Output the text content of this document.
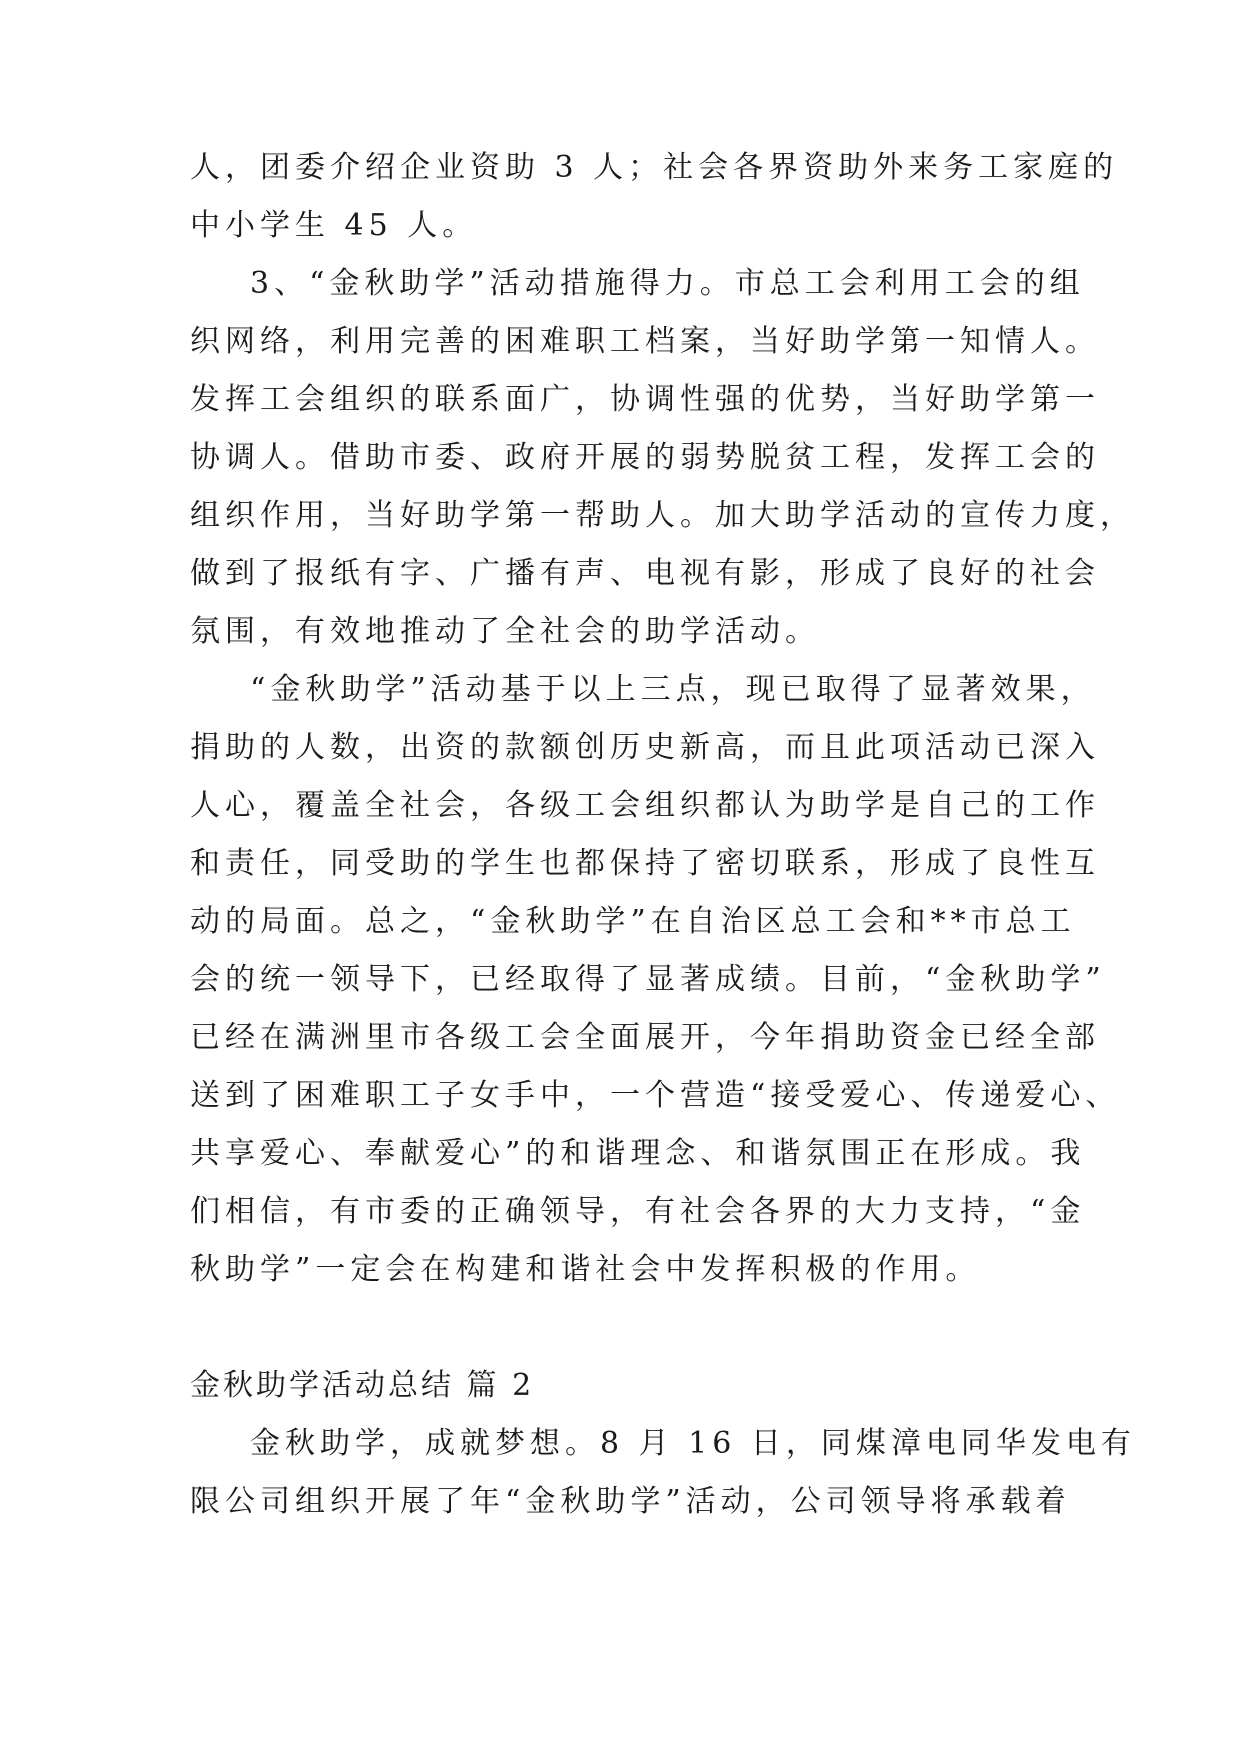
人，团委介绍企业资助 3 人；社会各界资助外来务工家庭的
中小学生 45 人。
3、“金秋助学”活动措施得力。市总工会利用工会的组
织网络，利用完善的困难职工档案，当好助学第一知情人。
发挥工会组织的联系面广，协调性强的优势，当好助学第一
协调人。借助市委、政府开展的弱势脱贫工程，发挥工会的
组织作用，当好助学第一帮助人。加大助学活动的宣传力度，
做到了报纸有字、广播有声、电视有影，形成了良好的社会
氛围，有效地推动了全社会的助学活动。
“金秋助学”活动基于以上三点，现已取得了显著效果，
捐助的人数，出资的款额创历史新高，而且此项活动已深入
人心，覆盖全社会，各级工会组织都认为助学是自己的工作
和责任，同受助的学生也都保持了密切联系，形成了良性互
动的局面。总之，“金秋助学”在自治区总工会和**市总工
会的统一领导下，已经取得了显著成绩。目前，“金秋助学”
已经在满洲里市各级工会全面展开，今年捐助资金已经全部
送到了困难职工子女手中，一个营造“接受爱心、传递爱心、
共享爱心、奉献爱心”的和谐理念、和谐氛围正在形成。我
们相信，有市委的正确领导，有社会各界的大力支持，“金
秋助学”一定会在构建和谐社会中发挥积极的作用。
金秋助学活动总结 篇 2
金秋助学，成就梦想。8 月 16 日，同煤漳电同华发电有
限公司组织开展了年“金秋助学”活动，公司领导将承载着
